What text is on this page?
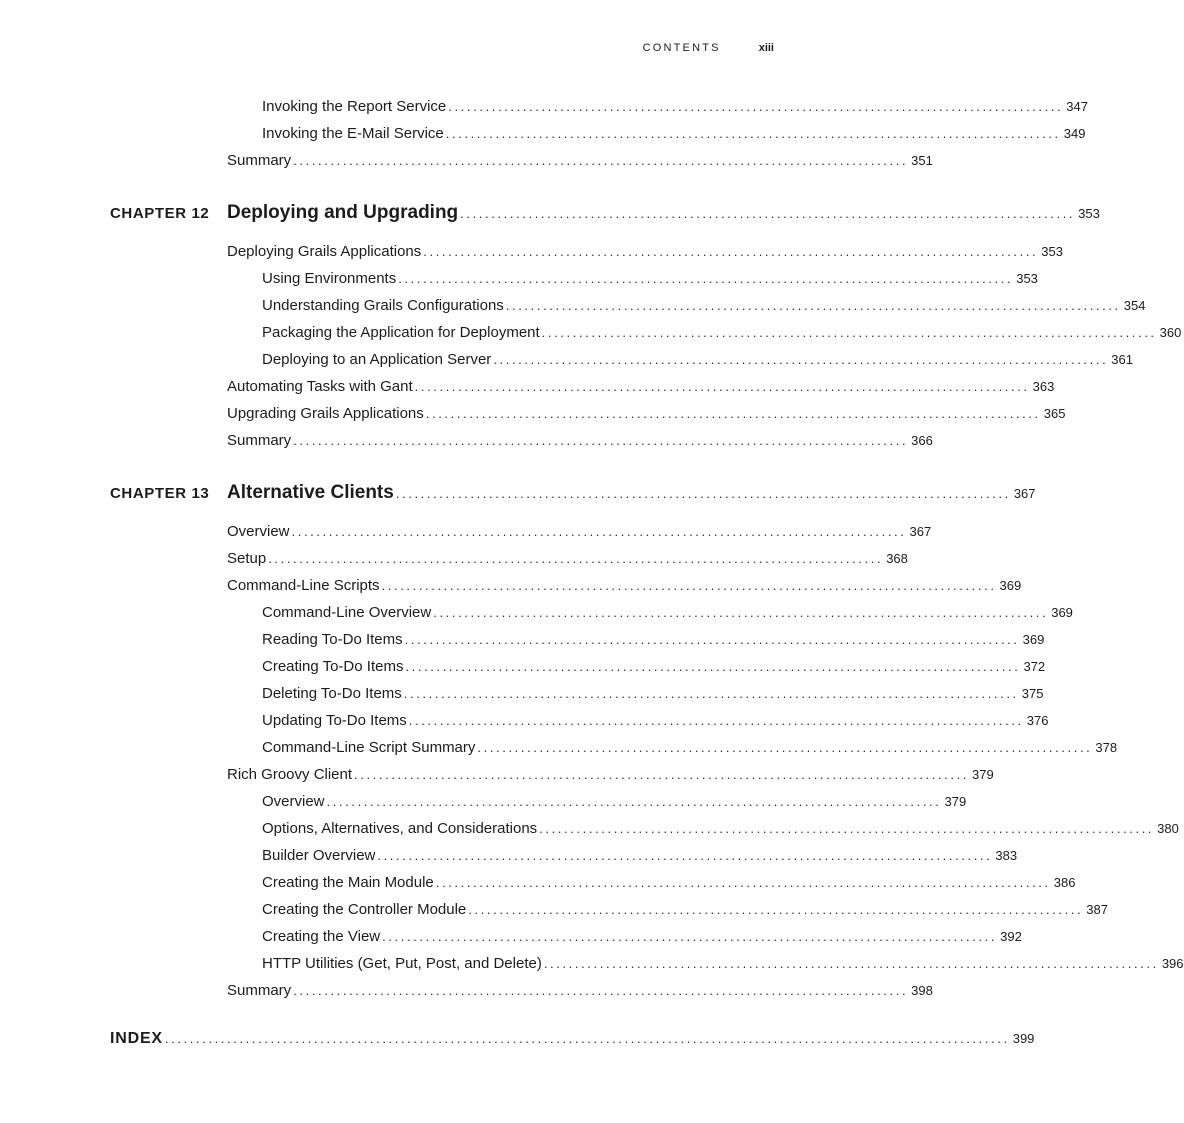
CONTENTS	xiii
Invoking the Report Service ................................................................................................... 347
Invoking the E-Mail Service ................................................................................................... 349
Summary ................................................................................................... 351
CHAPTER 12 Deploying and Upgrading ................................................................................................... 353
Deploying Grails Applications ................................................................................................... 353
Using Environments ................................................................................................... 353
Understanding Grails Configurations ................................................................................................... 354
Packaging the Application for Deployment ................................................................................................... 360
Deploying to an Application Server ................................................................................................... 361
Automating Tasks with Gant ................................................................................................... 363
Upgrading Grails Applications ................................................................................................... 365
Summary ................................................................................................... 366
CHAPTER 13 Alternative Clients ................................................................................................... 367
Overview ................................................................................................... 367
Setup ................................................................................................... 368
Command-Line Scripts ................................................................................................... 369
Command-Line Overview ................................................................................................... 369
Reading To-Do Items ................................................................................................... 369
Creating To-Do Items ................................................................................................... 372
Deleting To-Do Items ................................................................................................... 375
Updating To-Do Items ................................................................................................... 376
Command-Line Script Summary ................................................................................................... 378
Rich Groovy Client ................................................................................................... 379
Overview ................................................................................................... 379
Options, Alternatives, and Considerations ................................................................................................... 380
Builder Overview ................................................................................................... 383
Creating the Main Module ................................................................................................... 386
Creating the Controller Module ................................................................................................... 387
Creating the View ................................................................................................... 392
HTTP Utilities (Get, Put, Post, and Delete) ................................................................................................... 396
Summary ................................................................................................... 398
INDEX ........................................................................................................................................ 399
